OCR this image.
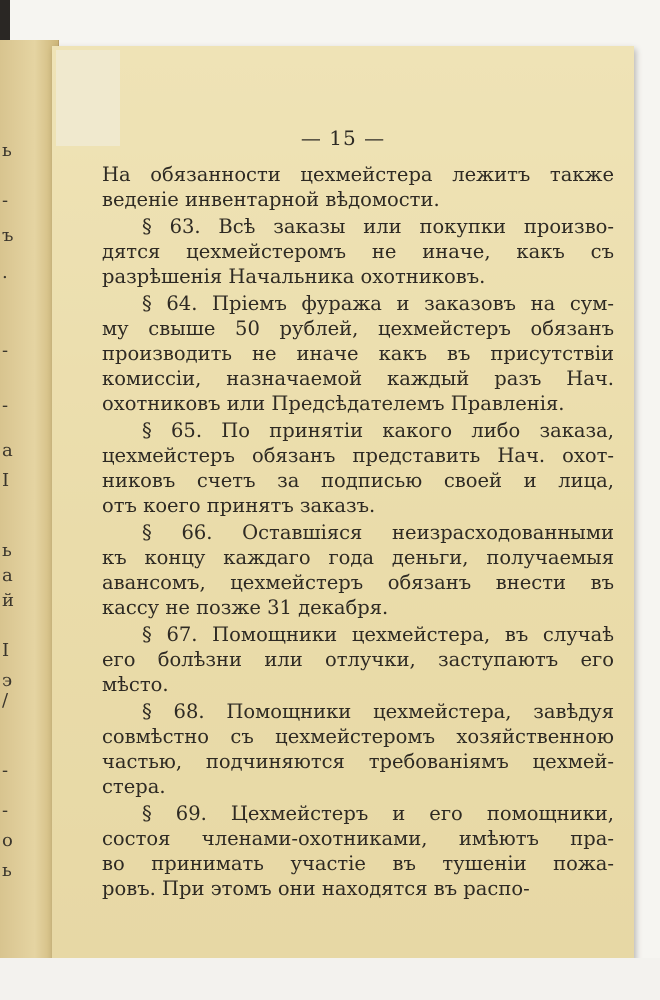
ь
-
ъ
.
-
-
а
I
ь
а
й
I
э
/
-
-
о
ь
— 15 —
На обязанности цехмейстера лежитъ также
веденіе инвентарной вѣдомости.
§ 63. Всѣ заказы или покупки произво-
дятся цехмейстеромъ не иначе, какъ съ
разрѣшенія Начальника охотниковъ.
§ 64. Пріемъ фуража и заказовъ на сум-
му свыше 50 рублей, цехмейстеръ обязанъ
производить не иначе какъ въ присутствіи
комиссіи, назначаемой каждый разъ Нач.
охотниковъ или Предсѣдателемъ Правленія.
§ 65. По принятіи какого либо заказа,
цехмейстеръ обязанъ представить Нач. охот-
никовъ счетъ за подписью своей и лица,
отъ коего принятъ заказъ.
§ 66. Оставшіяся неизрасходованными
къ концу каждаго года деньги, получаемыя
авансомъ, цехмейстеръ обязанъ внести въ
кассу не позже 31 декабря.
§ 67. Помощники цехмейстера, въ случаѣ
его болѣзни или отлучки, заступаютъ его
мѣсто.
§ 68. Помощники цехмейстера, завѣдуя
совмѣстно съ цехмейстеромъ хозяйственною
частью, подчиняются требованіямъ цехмей-
стера.
§ 69. Цехмейстеръ и его помощники,
состоя членами-охотниками, имѣютъ пра-
во принимать участіе въ тушеніи пожа-
ровъ. При этомъ они находятся въ распо-
